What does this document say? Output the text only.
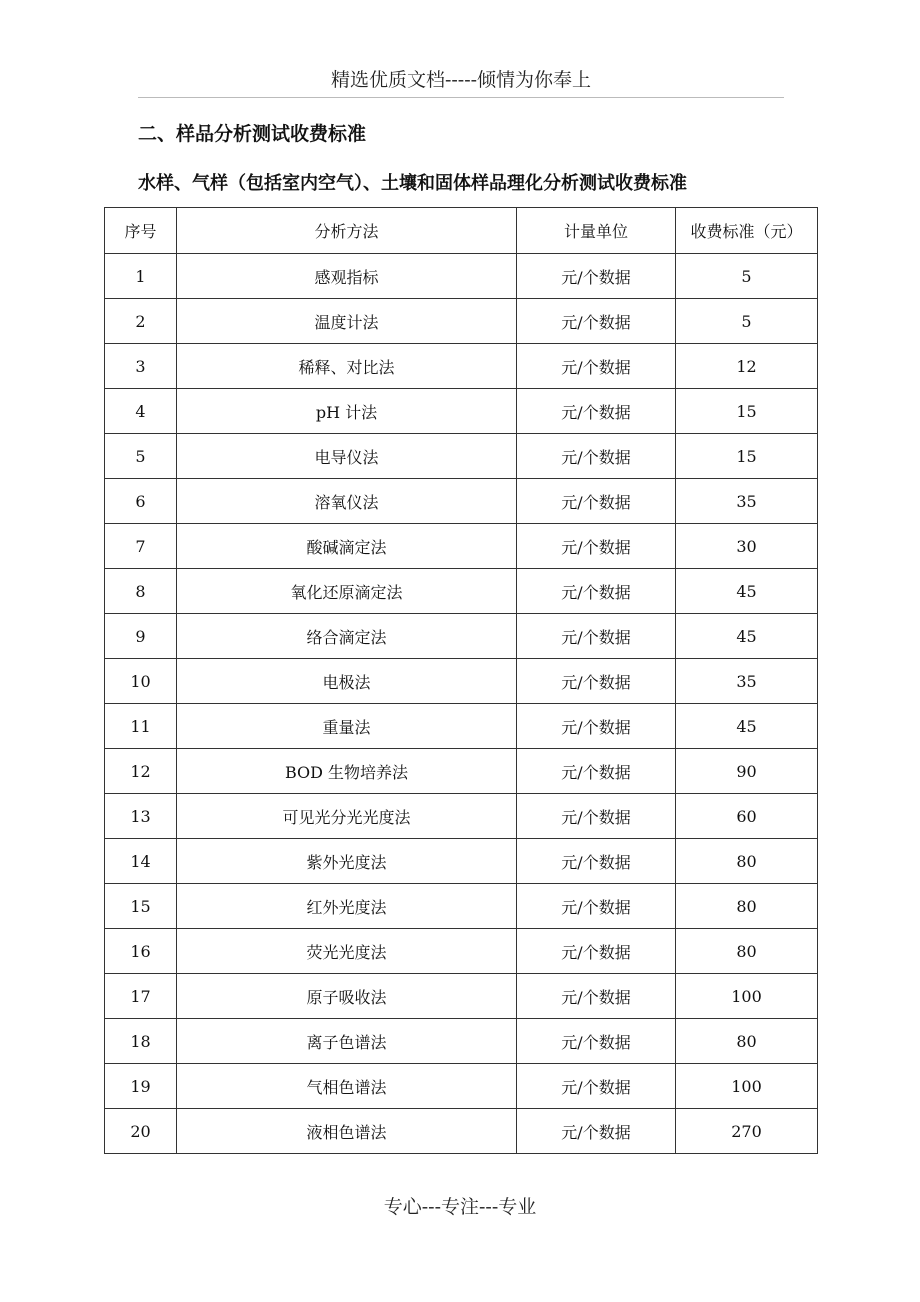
精选优质文档-----倾情为你奉上
二、样品分析测试收费标准
水样、气样（包括室内空气）、土壤和固体样品理化分析测试收费标准
序号	分析方法	计量单位	收费标准（元）
1	感观指标	元/个数据	5
2	温度计法	元/个数据	5
3	稀释、对比法	元/个数据	12
4	pH 计法	元/个数据	15
5	电导仪法	元/个数据	15
6	溶氧仪法	元/个数据	35
7	酸碱滴定法	元/个数据	30
8	氧化还原滴定法	元/个数据	45
9	络合滴定法	元/个数据	45
10	电极法	元/个数据	35
11	重量法	元/个数据	45
12	BOD 生物培养法	元/个数据	90
13	可见光分光光度法	元/个数据	60
14	紫外光度法	元/个数据	80
15	红外光度法	元/个数据	80
16	荧光光度法	元/个数据	80
17	原子吸收法	元/个数据	100
18	离子色谱法	元/个数据	80
19	气相色谱法	元/个数据	100
20	液相色谱法	元/个数据	270
专心---专注---专业
